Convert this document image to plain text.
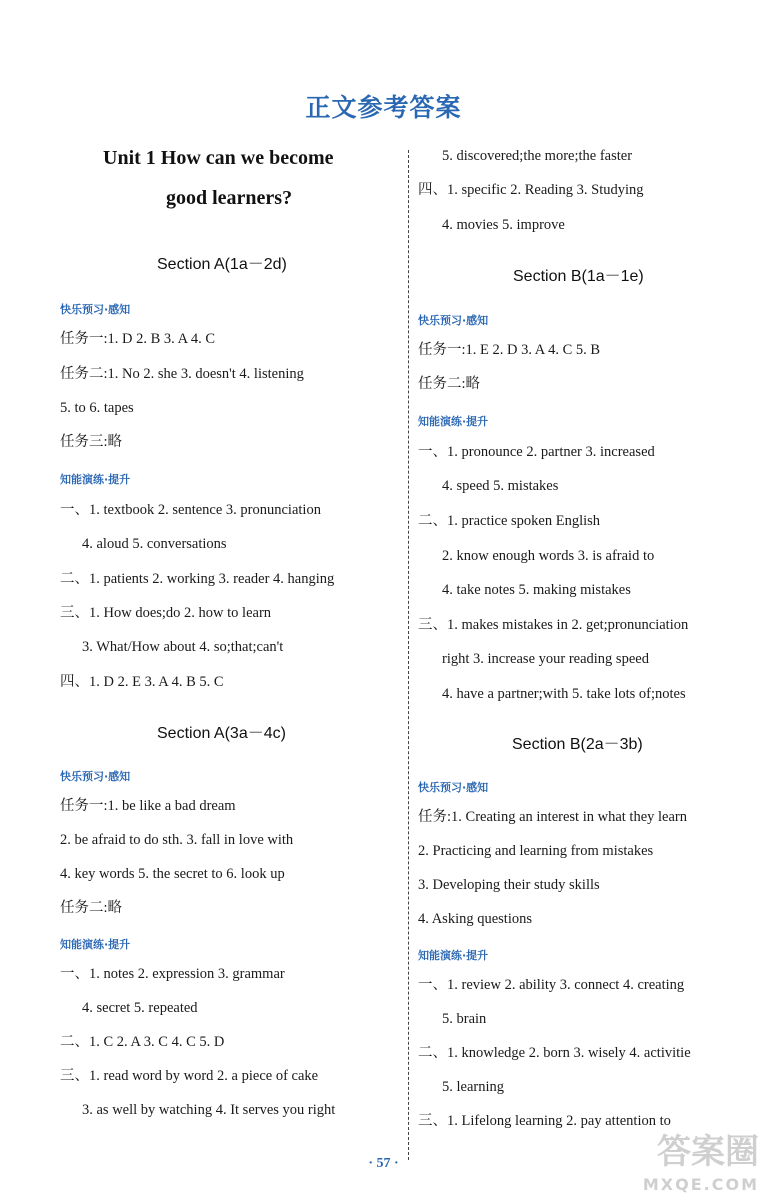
正文参考答案
Unit 1 How can we become
good learners?
Section A(1a－2d)
快乐预习·感知
任务一:1. D 2. B 3. A 4. C
任务二:1. No 2. she 3. doesn't 4. listening
5. to 6. tapes
任务三:略
知能演练·提升
一、1. textbook 2. sentence 3. pronunciation
4. aloud 5. conversations
二、1. patients 2. working 3. reader 4. hanging
三、1. How does;do 2. how to learn
3. What/How about 4. so;that;can't
四、1. D 2. E 3. A 4. B 5. C
Section A(3a－4c)
快乐预习·感知
任务一:1. be like a bad dream
2. be afraid to do sth. 3. fall in love with
4. key words 5. the secret to 6. look up
任务二:略
知能演练·提升
一、1. notes 2. expression 3. grammar
4. secret 5. repeated
二、1. C 2. A 3. C 4. C 5. D
三、1. read word by word 2. a piece of cake
3. as well by watching 4. It serves you right
5. discovered;the more;the faster
四、1. specific 2. Reading 3. Studying
4. movies 5. improve
Section B(1a－1e)
快乐预习·感知
任务一:1. E 2. D 3. A 4. C 5. B
任务二:略
知能演练·提升
一、1. pronounce 2. partner 3. increased
4. speed 5. mistakes
二、1. practice spoken English
2. know enough words 3. is afraid to
4. take notes 5. making mistakes
三、1. makes mistakes in 2. get;pronunciation
right 3. increase your reading speed
4. have a partner;with 5. take lots of;notes
Section B(2a－3b)
快乐预习·感知
任务:1. Creating an interest in what they learn
2. Practicing and learning from mistakes
3. Developing their study skills
4. Asking questions
知能演练·提升
一、1. review 2. ability 3. connect 4. creating
5. brain
二、1. knowledge 2. born 3. wisely 4. activitie
5. learning
三、1. Lifelong learning 2. pay attention to
· 57 ·	答案圈
MXQE.COM
